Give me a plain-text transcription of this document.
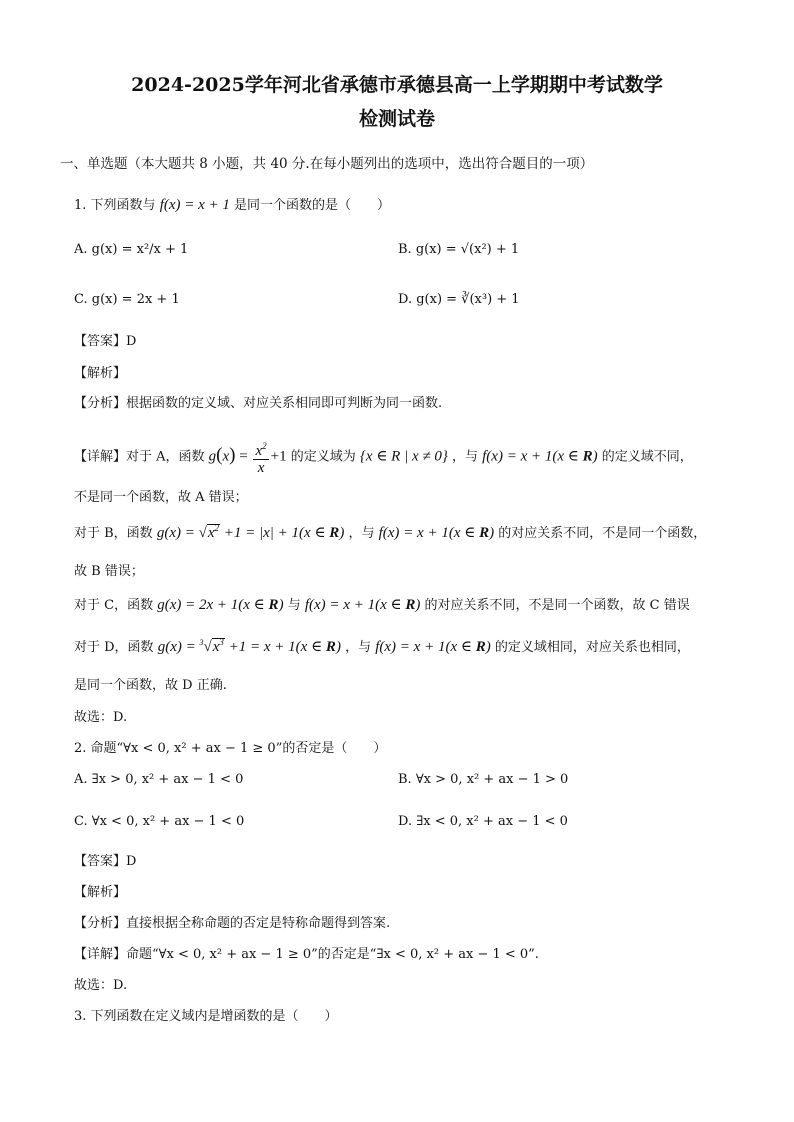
2024-2025学年河北省承德市承德县高一上学期期中考试数学
检测试卷
一、单选题（本大题共 8 小题，共 40 分.在每小题列出的选项中，选出符合题目的一项）
1. 下列函数与 f(x) = x + 1 是同一个函数的是（　　）
A. g(x) = x²/x + 1	B. g(x) = √(x²) + 1
C. g(x) = 2x + 1	D. g(x) = ∛(x³) + 1
【答案】D
【解析】
【分析】根据函数的定义域、对应关系相同即可判断为同一函数.
【详解】对于 A，函数 $g(x) = \frac{x^2}{x} +1$ 的定义域为 {x ∈ R | x ≠ 0} ，与 f(x) = x + 1(x ∈ R) 的定义域不同，
不是同一个函数，故 A 错误；
对于 B，函数 $g(x) = √x^2 +1 = |x| + 1(x$ ∈ R) ，与 f(x) = x + 1(x ∈ R) 的对应关系不同，不是同一个函数，
故 B 错误；
对于 C，函数 g(x) = 2x + 1(x ∈ R) 与 f(x) = x + 1(x ∈ R) 的对应关系不同，不是同一个函数，故 C 错误
对于 D，函数 $g(x) = ^3√x^3 +1 = x + 1(x$ ∈ R) ，与 f(x) = x + 1(x ∈ R) 的定义域相同，对应关系也相同，
是同一个函数，故 D 正确.
故选：D.
2. 命题“∀x < 0, x² + ax − 1 ≥ 0”的否定是（　　）
A. ∃x > 0, x² + ax − 1 < 0	B. ∀x > 0, x² + ax − 1 > 0
C. ∀x < 0, x² + ax − 1 < 0	D. ∃x < 0, x² + ax − 1 < 0
【答案】D
【解析】
【分析】直接根据全称命题的否定是特称命题得到答案.
【详解】命题“∀x < 0, x² + ax − 1 ≥ 0”的否定是“∃x < 0, x² + ax − 1 < 0”.
故选：D.
3. 下列函数在定义域内是增函数的是（　　）
